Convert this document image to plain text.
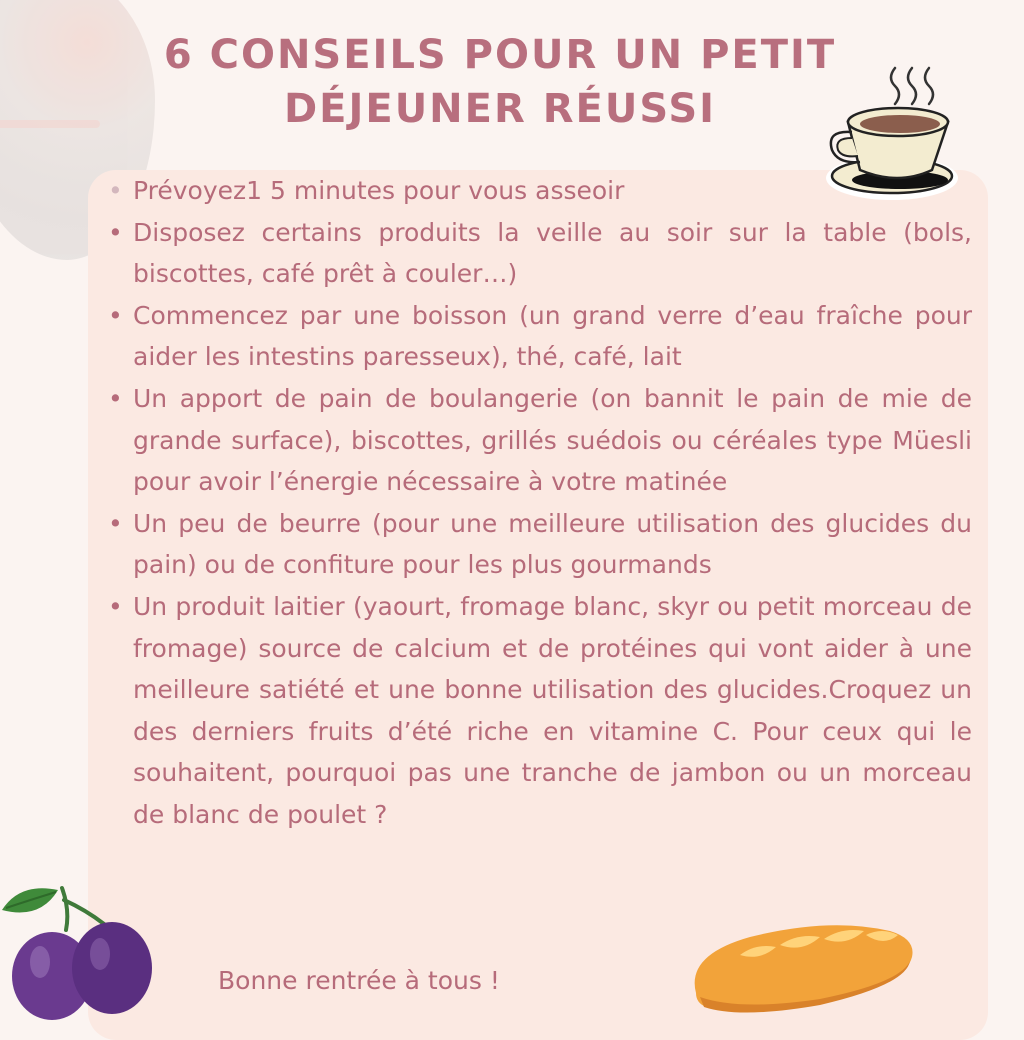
6 CONSEILS POUR UN PETIT
DÉJEUNER RÉUSSI
• Prévoyez1 5 minutes pour vous asseoir
• Disposez certains produits la veille au soir sur la table (bols, biscottes, café prêt à couler…)
• Commencez par une boisson (un grand verre d’eau fraîche pour aider les intestins paresseux), thé, café, lait
• Un apport de pain de boulangerie (on bannit le pain de mie de grande surface), biscottes, grillés suédois ou céréales type Müesli pour avoir l’énergie nécessaire à votre matinée
• Un peu de beurre (pour une meilleure utilisation des glucides du pain) ou de confiture pour les plus gourmands
• Un produit laitier (yaourt, fromage blanc, skyr ou petit morceau de fromage) source de calcium et de protéines qui vont aider à une meilleure satiété et une bonne utilisation des glucides.Croquez un des derniers fruits d’été riche en vitamine C. Pour ceux qui le souhaitent, pourquoi pas une tranche de jambon ou un morceau de blanc de poulet ?
Bonne rentrée à tous !
